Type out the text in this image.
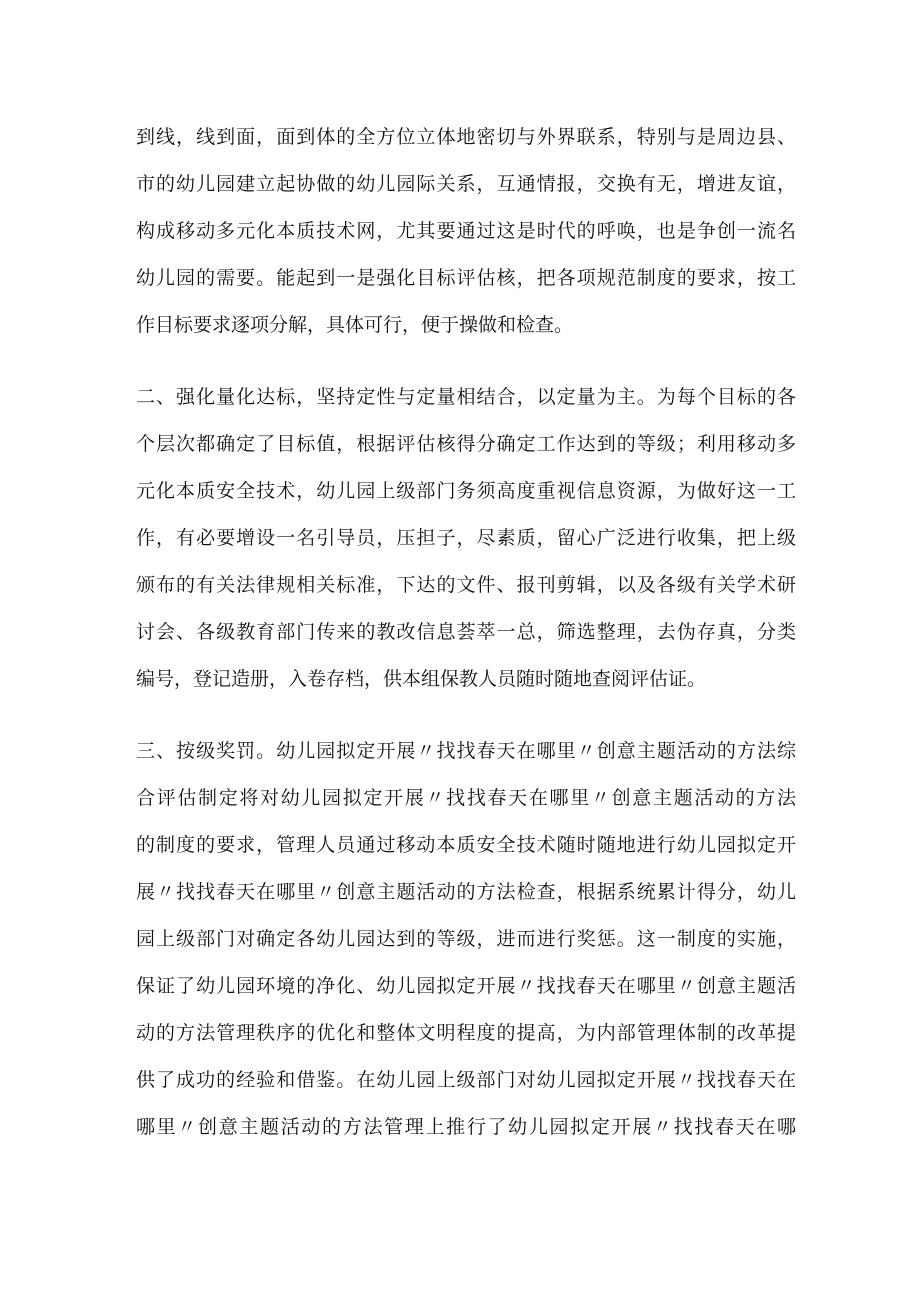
到线，线到面，面到体的全方位立体地密切与外界联系，特别与是周边县、
市的幼儿园建立起协做的幼儿园际关系，互通情报，交换有无，增进友谊，
构成移动多元化本质技术网，尤其要通过这是时代的呼唤，也是争创一流名
幼儿园的需要。能起到一是强化目标评估核，把各项规范制度的要求，按工
作目标要求逐项分解，具体可行，便于操做和检查。
二、强化量化达标，坚持定性与定量相结合，以定量为主。为每个目标的各
个层次都确定了目标值，根据评估核得分确定工作达到的等级；利用移动多
元化本质安全技术，幼儿园上级部门务须高度重视信息资源，为做好这一工
作，有必要增设一名引导员，压担子，尽素质，留心广泛进行收集，把上级
颁布的有关法律规相关标准，下达的文件、报刊剪辑，以及各级有关学术研
讨会、各级教育部门传来的教改信息荟萃一总，筛选整理，去伪存真，分类
编号，登记造册，入卷存档，供本组保教人员随时随地查阅评估证。
三、按级奖罚。幼儿园拟定开展〃找找春天在哪里〃创意主题活动的方法综
合评估制定将对幼儿园拟定开展〃找找春天在哪里〃创意主题活动的方法
的制度的要求，管理人员通过移动本质安全技术随时随地进行幼儿园拟定开
展〃找找春天在哪里〃创意主题活动的方法检查，根据系统累计得分，幼儿
园上级部门对确定各幼儿园达到的等级，进而进行奖惩。这一制度的实施，
保证了幼儿园环境的净化、幼儿园拟定开展〃找找春天在哪里〃创意主题活
动的方法管理秩序的优化和整体文明程度的提高，为内部管理体制的改革提
供了成功的经验和借鉴。在幼儿园上级部门对幼儿园拟定开展〃找找春天在
哪里〃创意主题活动的方法管理上推行了幼儿园拟定开展〃找找春天在哪
